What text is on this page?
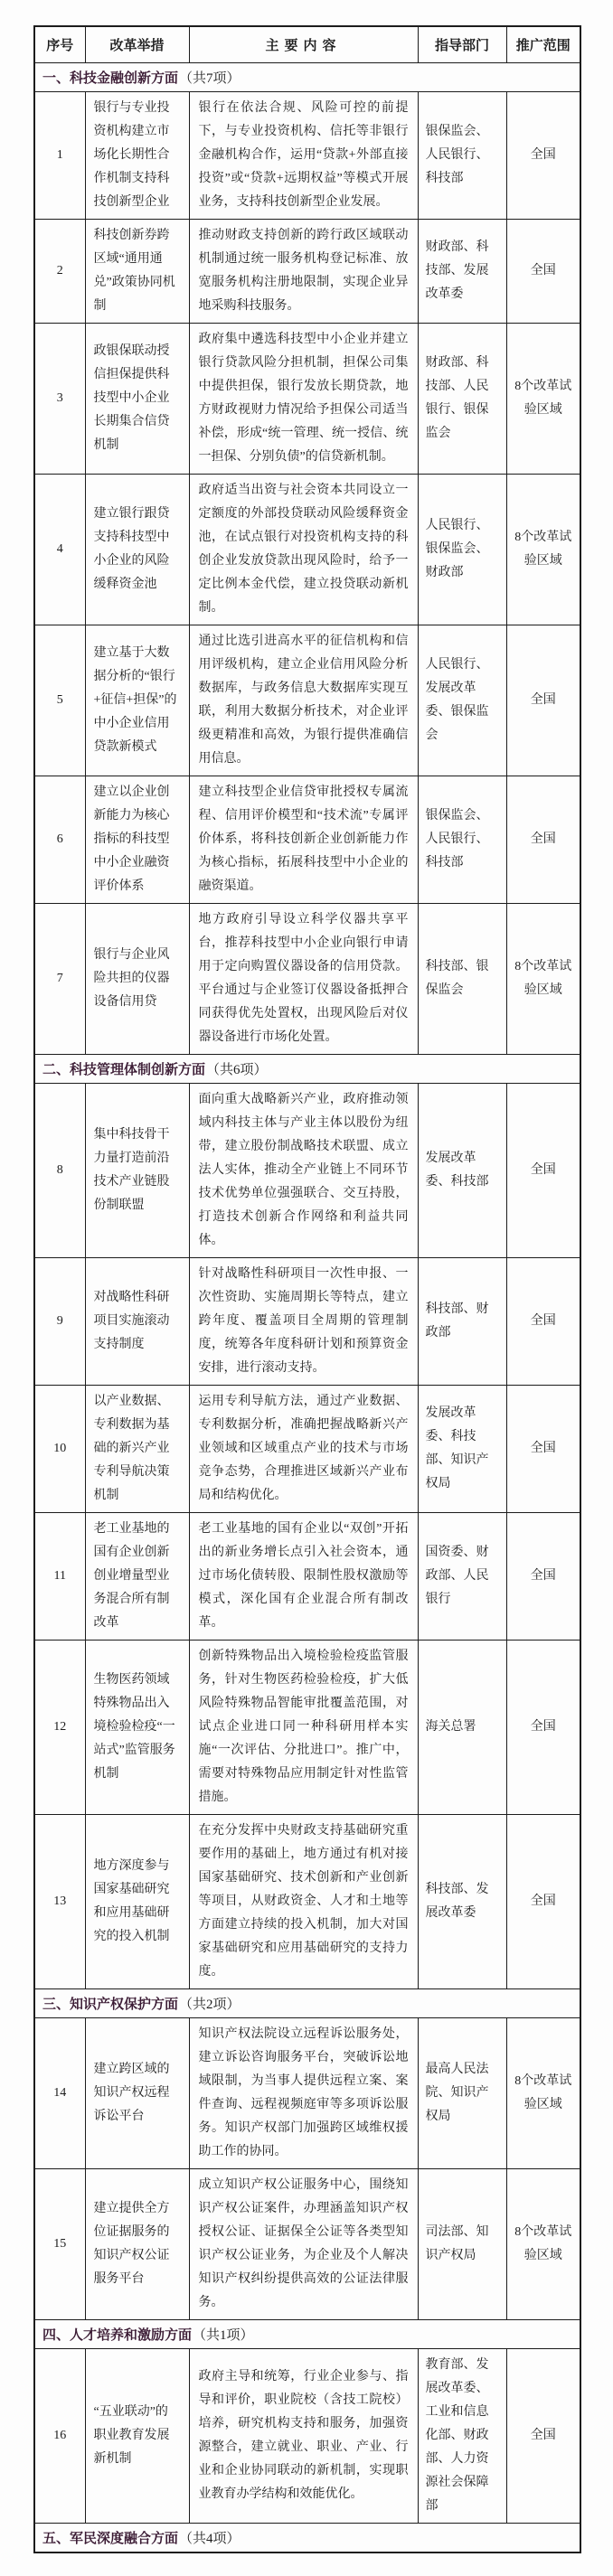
序号	改革举措	主要内容	指导部门	推广范围
一、科技金融创新方面（共7项）				
1	银行与专业投资机构建立市场化长期性合作机制支持科技创新型企业	银行在依法合规、风险可控的前提下，与专业投资机构、信托等非银行金融机构合作，运用“贷款+外部直接投资”或“贷款+远期权益”等模式开展业务，支持科技创新型企业发展。	银保监会、人民银行、科技部	全国
2	科技创新券跨区域“通用通兑”政策协同机制	推动财政支持创新的跨行政区域联动机制通过统一服务机构登记标准、放宽服务机构注册地限制，实现企业异地采购科技服务。	财政部、科技部、发展改革委	全国
3	政银保联动授信担保提供科技型中小企业长期集合信贷机制	政府集中遴选科技型中小企业并建立银行贷款风险分担机制，担保公司集中提供担保，银行发放长期贷款，地方财政视财力情况给予担保公司适当补偿，形成“统一管理、统一授信、统一担保、分别负债”的信贷新机制。	财政部、科技部、人民银行、银保监会	8个改革试验区域
4	建立银行跟贷支持科技型中小企业的风险缓释资金池	政府适当出资与社会资本共同设立一定额度的外部投贷联动风险缓释资金池，在试点银行对投资机构支持的科创企业发放贷款出现风险时，给予一定比例本金代偿，建立投贷联动新机制。	人民银行、银保监会、财政部	8个改革试验区域
5	建立基于大数据分析的“银行+征信+担保”的中小企业信用贷款新模式	通过比选引进高水平的征信机构和信用评级机构，建立企业信用风险分析数据库，与政务信息大数据库实现互联，利用大数据分析技术，对企业评级更精准和高效，为银行提供准确信用信息。	人民银行、发展改革委、银保监会	全国
6	建立以企业创新能力为核心指标的科技型中小企业融资评价体系	建立科技型企业信贷审批授权专属流程、信用评价模型和“技术流”专属评价体系，将科技创新企业创新能力作为核心指标，拓展科技型中小企业的融资渠道。	银保监会、人民银行、科技部	全国
7	银行与企业风险共担的仪器设备信用贷	地方政府引导设立科学仪器共享平台，推荐科技型中小企业向银行申请用于定向购置仪器设备的信用贷款。平台通过与企业签订仪器设备抵押合同获得优先处置权，出现风险后对仪器设备进行市场化处置。	科技部、银保监会	8个改革试验区域
二、科技管理体制创新方面（共6项）				
8	集中科技骨干力量打造前沿技术产业链股份制联盟	面向重大战略新兴产业，政府推动领域内科技主体与产业主体以股份为纽带，建立股份制战略技术联盟、成立法人实体，推动全产业链上不同环节技术优势单位强强联合、交互持股，打造技术创新合作网络和利益共同体。	发展改革委、科技部	全国
9	对战略性科研项目实施滚动支持制度	针对战略性科研项目一次性申报、一次性资助、实施周期长等特点，建立跨年度、覆盖项目全周期的管理制度，统筹各年度科研计划和预算资金安排，进行滚动支持。	科技部、财政部	全国
10	以产业数据、专利数据为基础的新兴产业专利导航决策机制	运用专利导航方法，通过产业数据、专利数据分析，准确把握战略新兴产业领域和区域重点产业的技术与市场竞争态势，合理推进区域新兴产业布局和结构优化。	发展改革委、科技部、知识产权局	全国
11	老工业基地的国有企业创新创业增量型业务混合所有制改革	老工业基地的国有企业以“双创”开拓出的新业务增长点引入社会资本，通过市场化债转股、限制性股权激励等模式，深化国有企业混合所有制改革。	国资委、财政部、人民银行	全国
12	生物医药领域特殊物品出入境检验检疫“一站式”监管服务机制	创新特殊物品出入境检验检疫监管服务，针对生物医药检验检疫，扩大低风险特殊物品智能审批覆盖范围，对试点企业进口同一种科研用样本实施“一次评估、分批进口”。推广中，需要对特殊物品应用制定针对性监管措施。	海关总署	全国
13	地方深度参与国家基础研究和应用基础研究的投入机制	在充分发挥中央财政支持基础研究重要作用的基础上，地方通过有机对接国家基础研究、技术创新和产业创新等项目，从财政资金、人才和土地等方面建立持续的投入机制，加大对国家基础研究和应用基础研究的支持力度。	科技部、发展改革委	全国
三、知识产权保护方面（共2项）				
14	建立跨区域的知识产权远程诉讼平台	知识产权法院设立远程诉讼服务处，建立诉讼咨询服务平台，突破诉讼地域限制，为当事人提供远程立案、案件查询、远程视频庭审等多项诉讼服务。知识产权部门加强跨区域维权援助工作的协同。	最高人民法院、知识产权局	8个改革试验区域
15	建立提供全方位证据服务的知识产权公证服务平台	成立知识产权公证服务中心，围绕知识产权公证案件，办理涵盖知识产权授权公证、证据保全公证等各类型知识产权公证业务，为企业及个人解决知识产权纠纷提供高效的公证法律服务。	司法部、知识产权局	8个改革试验区域
四、人才培养和激励方面（共1项）				
16	“五业联动”的职业教育发展新机制	政府主导和统筹，行业企业参与、指导和评价，职业院校（含技工院校）培养，研究机构支持和服务，加强资源整合，建立就业、职业、产业、行业和企业协同联动的新机制，实现职业教育办学结构和效能优化。	教育部、发展改革委、工业和信息化部、财政部、人力资源社会保障部	全国
五、军民深度融合方面（共4项）				
